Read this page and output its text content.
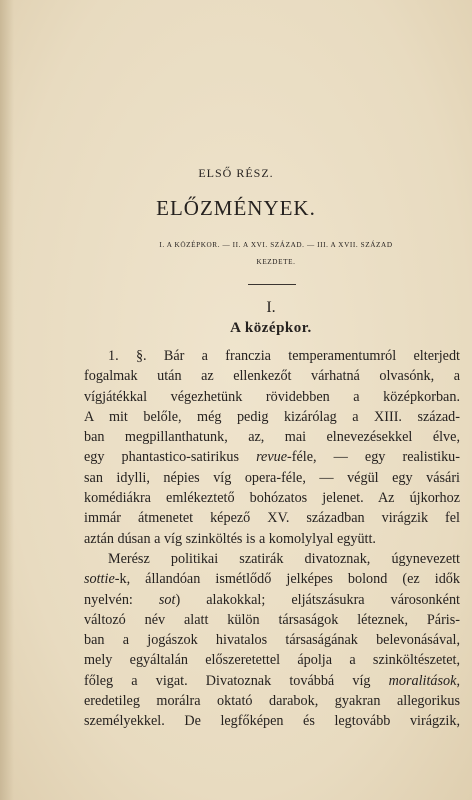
ELSŐ RÉSZ.
ELŐZMÉNYEK.
I. A KÖZÉPKOR. — II. A XVI. SZÁZAD. — III. A XVII. SZÁZAD
KEZDETE.
I.
A középkor.
1. §. Bár a franczia temperamentumról elterjedt
fogalmak után az ellenkezőt várhatná olvasónk, a
vígjátékkal végezhetünk rövidebben a középkorban.
A mit belőle, még pedig kizárólag a XIII. század-
ban megpillanthatunk, az, mai elnevezésekkel élve,
egy phantastico-satirikus revue-féle, — egy realistiku-
san idylli, népies víg opera-féle, — végül egy vásári
komédiákra emlékeztető bohózatos jelenet. Az újkorhoz
immár átmenetet képező XV. században virágzik fel
aztán dúsan a víg szinköltés is a komolylyal együtt.
Merész politikai szatirák divatoznak, úgynevezett
sottie-k, állandóan ismétlődő jelképes bolond (ez idők
nyelvén: sot) alakokkal; eljátszásukra városonként
változó név alatt külön társaságok léteznek, Páris-
ban a jogászok hivatalos társaságának belevonásával,
mely egyáltalán előszeretettel ápolja a szinköltészetet,
főleg a vigat. Divatoznak továbbá víg moralitások,
eredetileg morálra oktató darabok, gyakran allegorikus
személyekkel. De legfőképen és legtovább virágzik,
